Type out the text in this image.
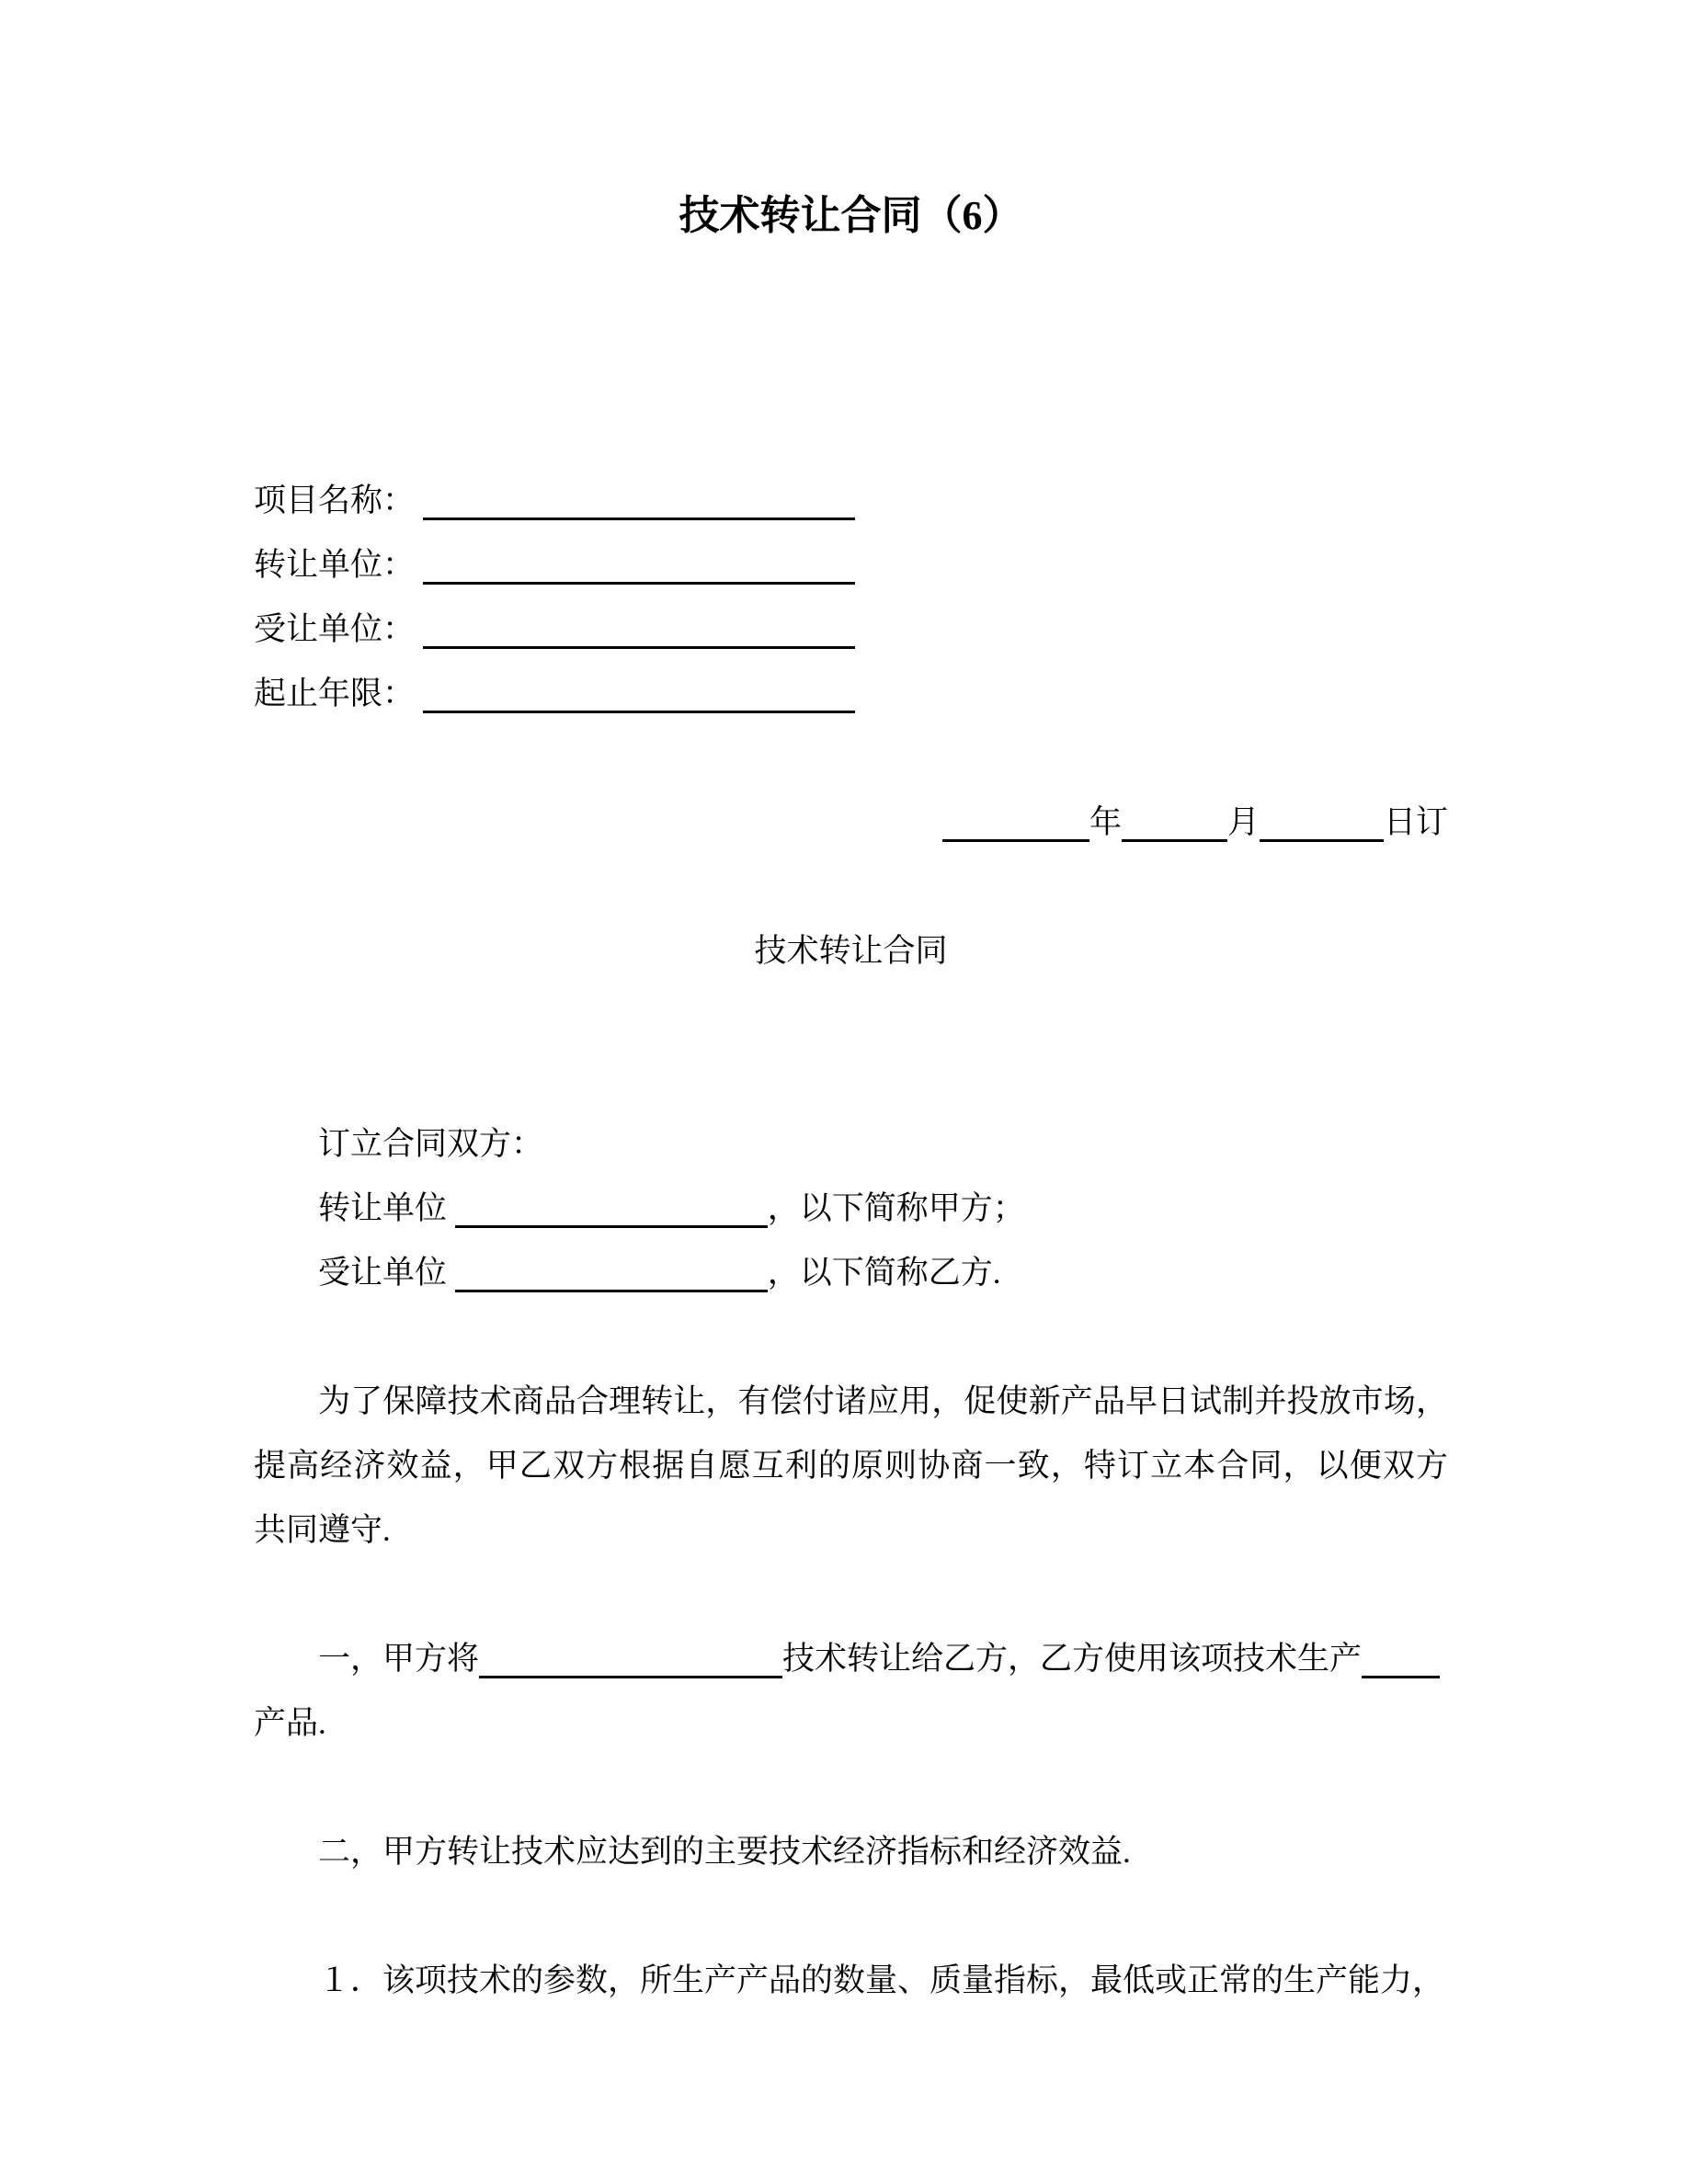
技术转让合同（6）
项目名称：
转让单位：
受让单位：
起止年限：
年	月	日订
技术转让合同
订立合同双方：
转让单位	，以下简称甲方；
受让单位	，以下简称乙方.
为了保障技术商品合理转让，有偿付诸应用，促使新产品早日试制并投放市场，
提高经济效益，甲乙双方根据自愿互利的原则协商一致，特订立本合同，以便双方
共同遵守.
一，甲方将	技术转让给乙方，乙方使用该项技术生产
产品.
二，甲方转让技术应达到的主要技术经济指标和经济效益.
１．该项技术的参数，所生产产品的数量、质量指标，最低或正常的生产能力，
